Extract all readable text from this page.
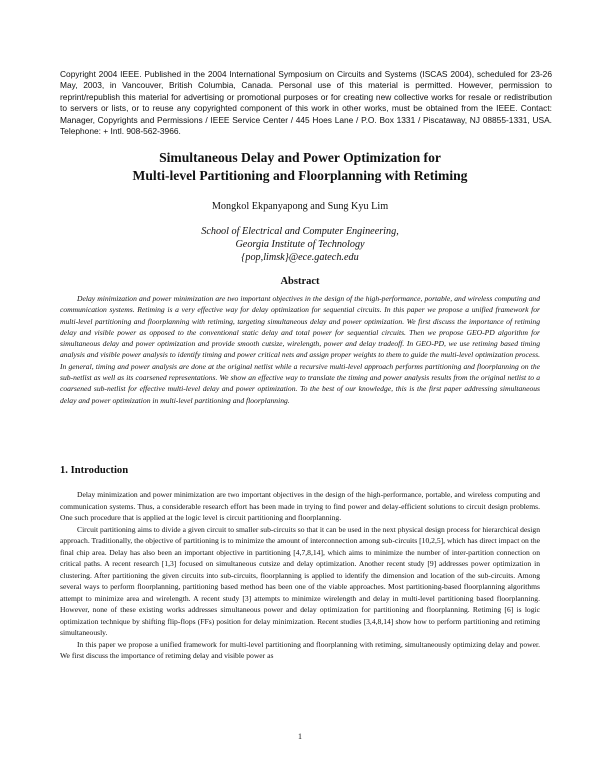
Copyright 2004 IEEE. Published in the 2004 International Symposium on Circuits and Systems (ISCAS 2004), scheduled for 23-26 May, 2003, in Vancouver, British Columbia, Canada. Personal use of this material is permitted. However, permission to reprint/republish this material for advertising or promotional purposes or for creating new collective works for resale or redistribution to servers or lists, or to reuse any copyrighted component of this work in other works, must be obtained from the IEEE. Contact: Manager, Copyrights and Permissions / IEEE Service Center / 445 Hoes Lane / P.O. Box 1331 / Piscataway, NJ 08855-1331, USA. Telephone: + Intl. 908-562-3966.

Simultaneous Delay and Power Optimization for
Multi-level Partitioning and Floorplanning with Retiming

Mongkol Ekpanyapong and Sung Kyu Lim

School of Electrical and Computer Engineering,
Georgia Institute of Technology
{pop,limsk}@ece.gatech.edu

Abstract

Delay minimization and power minimization are two important objectives in the design of the high-performance, portable, and wireless computing and communication systems. Retiming is a very effective way for delay optimization for sequential circuits. In this paper we propose a unified framework for multi-level partitioning and floorplanning with retiming, targeting simultaneous delay and power optimization. We first discuss the importance of retiming delay and visible power as opposed to the conventional static delay and total power for sequential circuits. Then we propose GEO-PD algorithm for simultaneous delay and power optimization and provide smooth cutsize, wirelength, power and delay tradeoff. In GEO-PD, we use retiming based timing analysis and visible power analysis to identify timing and power critical nets and assign proper weights to them to guide the multi-level optimization process. In general, timing and power analysis are done at the original netlist while a recursive multi-level approach performs partitioning and floorplanning on the sub-netlist as well as its coarsened representations. We show an effective way to translate the timing and power analysis results from the original netlist to a coarsened sub-netlist for effective multi-level delay and power optimization. To the best of our knowledge, this is the first paper addressing simultaneous delay and power optimization in multi-level partitioning and floorplanning.

1. Introduction

Delay minimization and power minimization are two important objectives in the design of the high-performance, portable, and wireless computing and communication systems. Thus, a considerable research effort has been made in trying to find power and delay-efficient solutions to circuit design problems. One such procedure that is applied at the logic level is circuit partitioning and floorplanning.

Circuit partitioning aims to divide a given circuit to smaller sub-circuits so that it can be used in the next physical design process for hierarchical design approach. Traditionally, the objective of partitioning is to minimize the amount of interconnection among sub-circuits [10,2,5], which has direct impact on the final chip area. Delay has also been an important objective in partitioning [4,7,8,14], which aims to minimize the number of inter-partition connection on critical paths. A recent research [1,3] focused on simultaneous cutsize and delay optimization. Another recent study [9] addresses power optimization in clustering. After partitioning the given circuits into sub-circuits, floorplanning is applied to identify the dimension and location of the sub-circuits. Among several ways to perform floorplanning, partitioning based method has been one of the viable approaches. Most partitioning-based floorplanning algorithms attempt to minimize area and wirelength. A recent study [3] attempts to minimize wirelength and delay in multi-level partitioning based floorplanning. However, none of these existing works addresses simultaneous power and delay optimization for partitioning and floorplanning. Retiming [6] is logic optimization technique by shifting flip-flops (FFs) position for delay minimization. Recent studies [3,4,8,14] show how to perform partitioning and retiming simultaneously.

In this paper we propose a unified framework for multi-level partitioning and floorplanning with retiming, simultaneously optimizing delay and power. We first discuss the importance of retiming delay and visible power as

1
